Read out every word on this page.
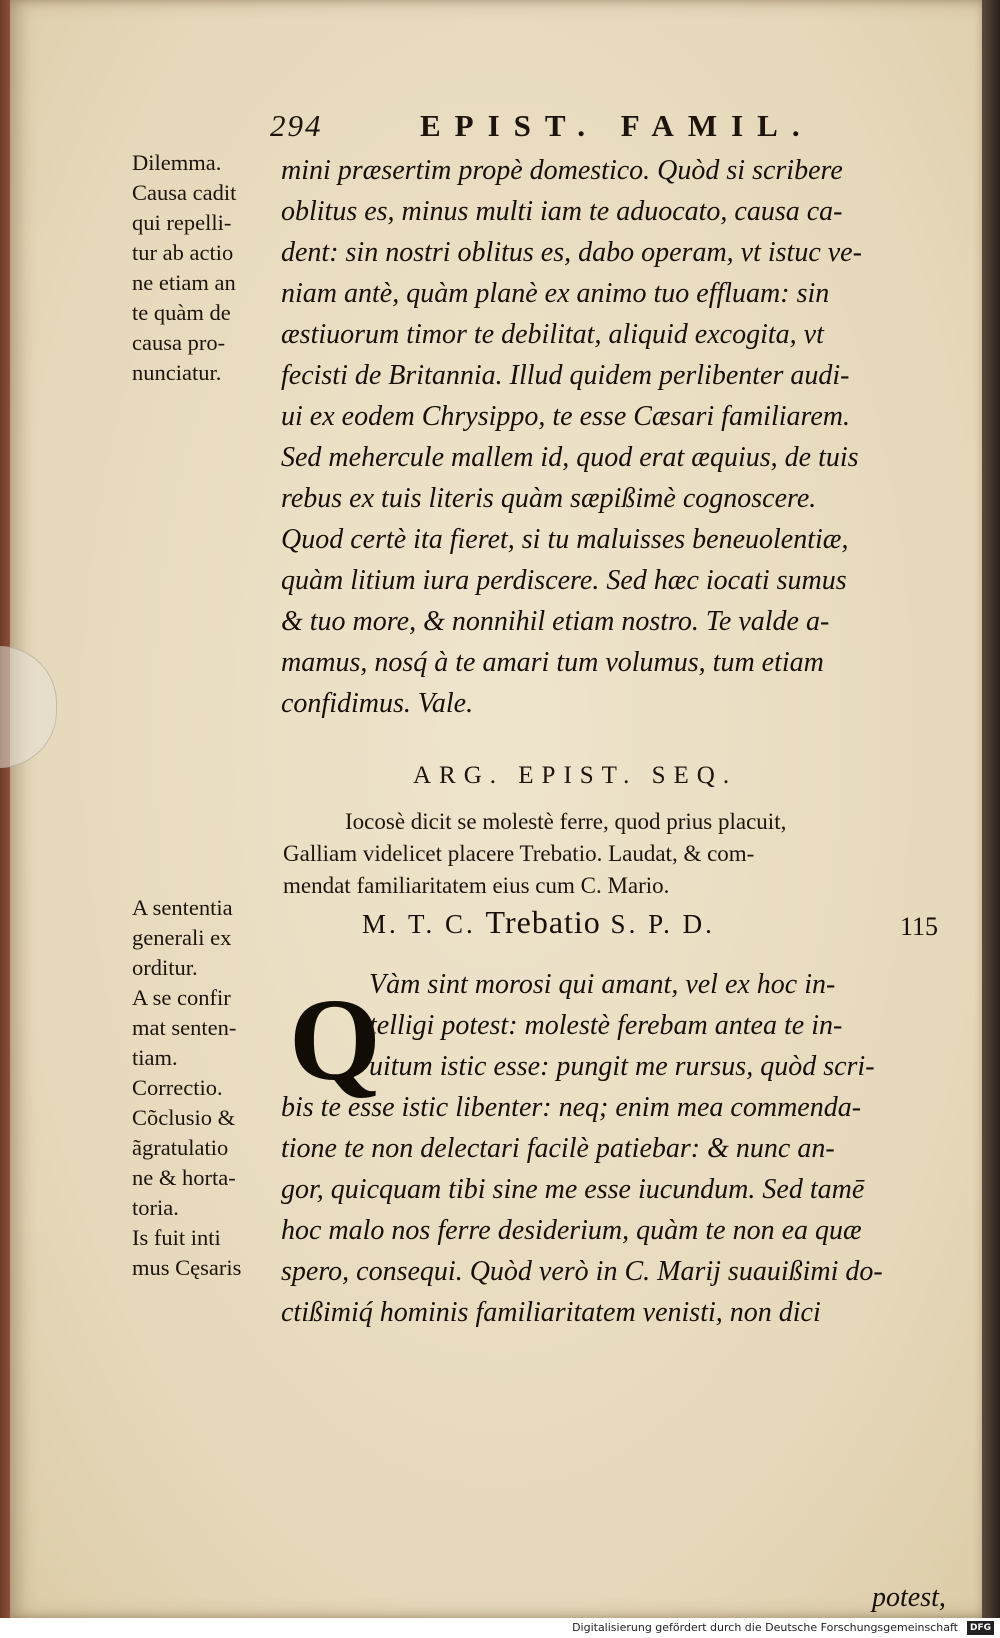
294	EPIST. FAMIL.
Dilemma.
Causa cadit
qui repelli-
tur ab actio
ne etiam an
te quàm de
causa pro-
nunciatur.
mini præsertim propè domestico. Quòd si scribere
oblitus es, minus multi iam te aduocato, causa ca-
dent: sin nostri oblitus es, dabo operam, vt istuc ve-
niam antè, quàm planè ex animo tuo effluam: sin
æstiuorum timor te debilitat, aliquid excogita, vt
fecisti de Britannia. Illud quidem perlibenter audi-
ui ex eodem Chrysippo, te esse Cæsari familiarem.
Sed mehercule mallem id, quod erat æquius, de tuis
rebus ex tuis literis quàm sæpißimè cognoscere.
Quod certè ita fieret, si tu maluisses beneuolentiæ,
quàm litium iura perdiscere. Sed hæc iocati sumus
& tuo more, & nonnihil etiam nostro. Te valde a-
mamus, nosq́ à te amari tum volumus, tum etiam
confidimus. Vale.
ARG. EPIST. SEQ.
Iocosè dicit se molestè ferre, quod prius placuit,
Galliam videlicet placere Trebatio. Laudat, & com-
mendat familiaritatem eius cum C. Mario.
M. T. C. Trebatio S. P. D.	115
Q
A sententia
generali ex
orditur.
A se confir
mat senten-
tiam.
Correctio.
Cõclusio &
ãgratulatio
ne & horta-
toria.
Is fuit inti
mus Cęsaris
Vàm sint morosi qui amant, vel ex hoc in-
telligi potest: molestè ferebam antea te in-
uitum istic esse: pungit me rursus, quòd scri-
bis te esse istic libenter: neq; enim mea commenda-
tione te non delectari facilè patiebar: & nunc an-
gor, quicquam tibi sine me esse iucundum. Sed tamē
hoc malo nos ferre desiderium, quàm te non ea quæ
spero, consequi. Quòd verò in C. Marij suauißimi do-
ctißimiq́ hominis familiaritatem venisti, non dici
potest,
Digitalisierung gefördert durch die Deutsche Forschungsgemeinschaft	DFG
